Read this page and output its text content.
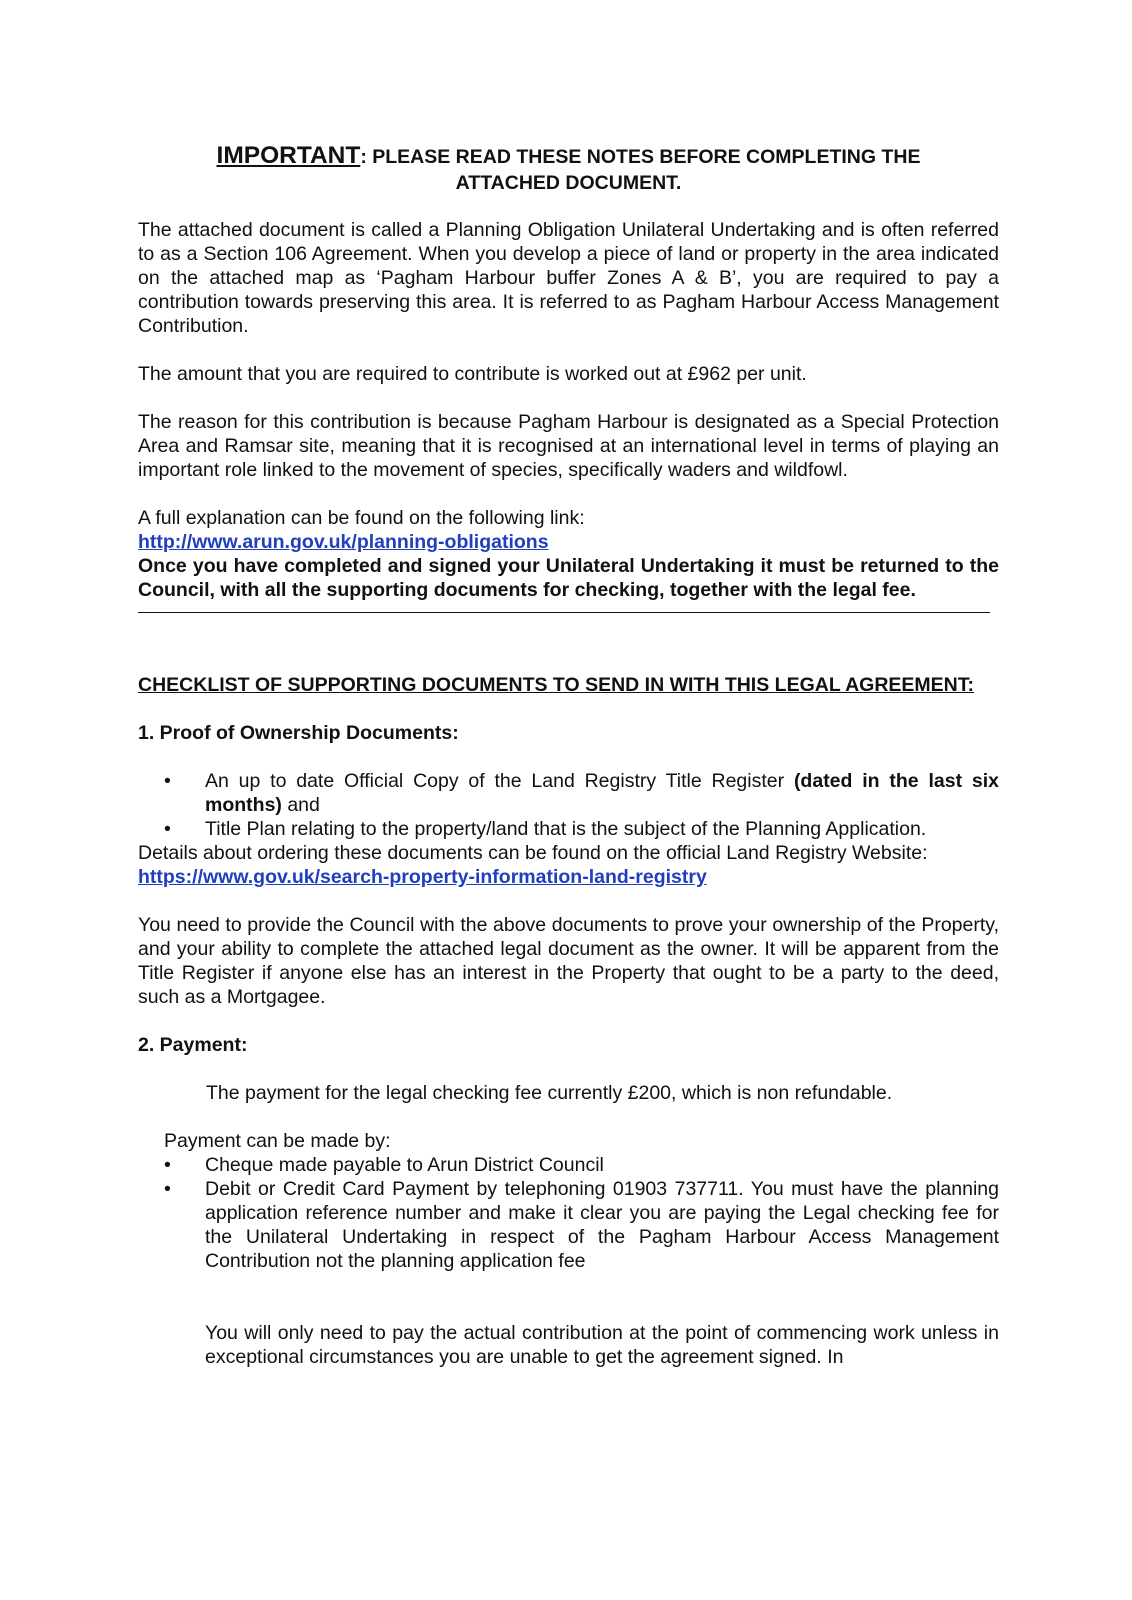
IMPORTANT: PLEASE READ THESE NOTES BEFORE COMPLETING THE
ATTACHED DOCUMENT.

The attached document is called a Planning Obligation Unilateral Undertaking and is often referred to as a Section 106 Agreement. When you develop a piece of land or property in the area indicated on the attached map as ‘Pagham Harbour buffer Zones A & B’, you are required to pay a contribution towards preserving this area. It is referred to as Pagham Harbour Access Management Contribution.

The amount that you are required to contribute is worked out at £962 per unit.

The reason for this contribution is because Pagham Harbour is designated as a Special Protection Area and Ramsar site, meaning that it is recognised at an international level in terms of playing an important role linked to the movement of species, specifically waders and wildfowl.

A full explanation can be found on the following link:

http://www.arun.gov.uk/planning-obligations

Once you have completed and signed your Unilateral Undertaking it must be returned to the Council, with all the supporting documents for checking, together with the legal fee.

CHECKLIST OF SUPPORTING DOCUMENTS TO SEND IN WITH THIS LEGAL AGREEMENT:

1. Proof of Ownership Documents:

• An up to date Official Copy of the Land Registry Title Register (dated in the last six months) and
• Title Plan relating to the property/land that is the subject of the Planning Application.

Details about ordering these documents can be found on the official Land Registry Website:

https://www.gov.uk/search-property-information-land-registry

You need to provide the Council with the above documents to prove your ownership of the Property, and your ability to complete the attached legal document as the owner. It will be apparent from the Title Register if anyone else has an interest in the Property that ought to be a party to the deed, such as a Mortgagee.

2. Payment:

The payment for the legal checking fee currently £200, which is non refundable.

Payment can be made by:

• Cheque made payable to Arun District Council
• Debit or Credit Card Payment by telephoning 01903 737711. You must have the planning application reference number and make it clear you are paying the Legal checking fee for the Unilateral Undertaking in respect of the Pagham Harbour Access Management Contribution not the planning application fee

You will only need to pay the actual contribution at the point of commencing work unless in exceptional circumstances you are unable to get the agreement signed. In
